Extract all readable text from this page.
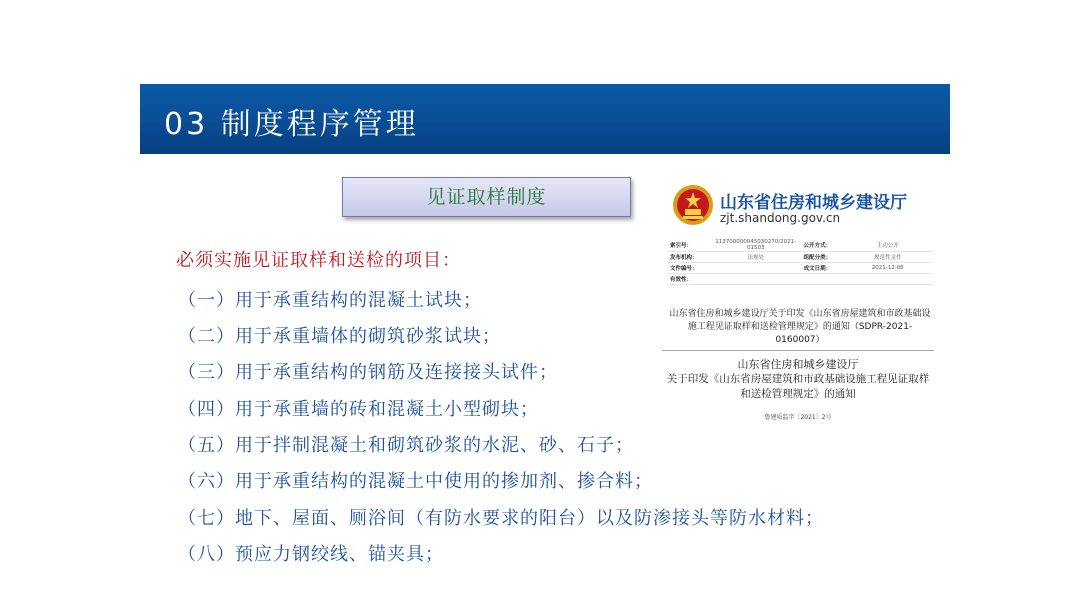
03 制度程序管理
见证取样制度
必须实施见证取样和送检的项目：
（一）用于承重结构的混凝土试块；
（二）用于承重墙体的砌筑砂浆试块；
（三）用于承重结构的钢筋及连接接头试件；
（四）用于承重墙的砖和混凝土小型砌块；
（五）用于拌制混凝土和砌筑砂浆的水泥、砂、石子；
（六）用于承重结构的混凝土中使用的掺加剂、掺合料；
（七）地下、屋面、厕浴间（有防水要求的阳台）以及防渗接头等防水材料；
（八）预应力钢绞线、锚夹具；
山东省住房和城乡建设厅
zjt.shandong.gov.cn
索引号：	11370000004503027​0/2021-01503	公开方式：	主动公开
发布机构：	法规处	组配分类：	规范性文件
文件编号：		成文日期：	2021-12-06
有效性：			
山东省住房和城乡建设厅关于印发《山东省房屋建筑和市政基础设施工程见证取样和送检管理规定》的通知（SDPR-2021-0160007）
山东省住房和城乡建设厅
关于印发《山东省房屋建筑和市政基础设施工程见证取样和送检管理规定》的通知
鲁建质监字〔2021〕2号
